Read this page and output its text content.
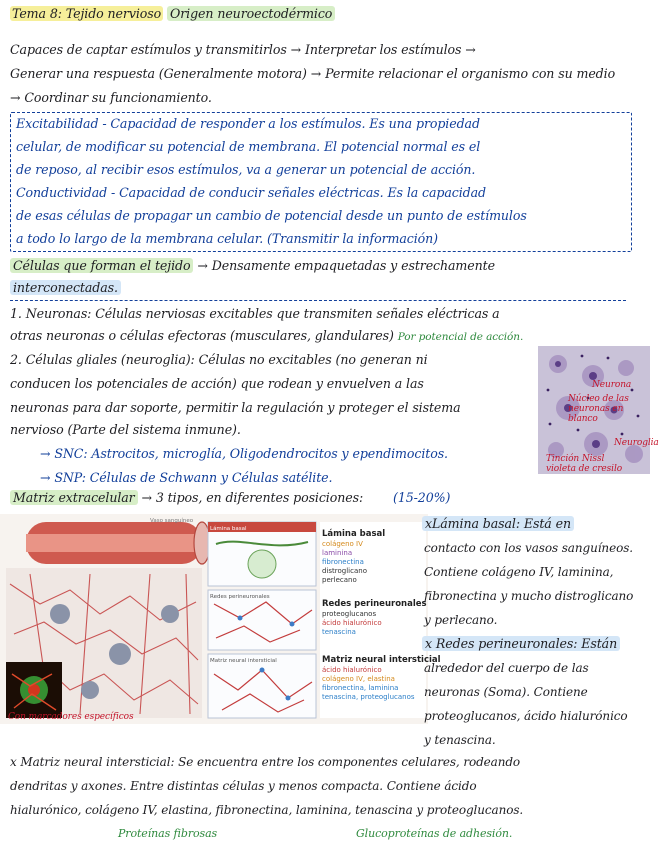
Tema 8: Tejido nervioso Origen neuroectodérmico
Capaces de captar estímulos y transmitirlos → Interpretar los estímulos →
Generar una respuesta (Generalmente motora) → Permite relacionar el organismo con su medio
→ Coordinar su funcionamiento.
Excitabilidad - Capacidad de responder a los estímulos. Es una propiedad
celular, de modificar su potencial de membrana. El potencial normal es el
de reposo, al recibir esos estímulos, va a generar un potencial de acción.
Conductividad - Capacidad de conducir señales eléctricas. Es la capacidad
de esas células de propagar un cambio de potencial desde un punto de estímulos
a todo lo largo de la membrana celular. (Transmitir la información)
Células que forman el tejido → Densamente empaquetadas y estrechamente
interconectadas.
1. Neuronas: Células nerviosas excitables que transmiten señales eléctricas a
otras neuronas o células efectoras (musculares, glandulares) Por potencial de acción.
2. Células gliales (neuroglia): Células no excitables (no generan ni
conducen los potenciales de acción) que rodean y envuelven a las
neuronas para dar soporte, permitir la regulación y proteger el sistema
nervioso (Parte del sistema inmune).
→ SNC: Astrocitos, microglía, Oligodendrocitos y ependimocitos.
→ SNP: Células de Schwann y Células satélite.
Neurona
Núcleo de las neuronas en blanco
Neuroglia
Tinción Nissl
violeta de cresilo
Matriz extracelular → 3 tipos, en diferentes posiciones: (15-20%)
Lámina basal
colágeno IV
laminina
fibronectina
distroglicano
perlecano
Redes perineuronales
proteoglucanos
ácido hialurónico
tenascina
Matriz neural intersticial
ácido hialurónico
colágeno IV, elastina
fibronectina, laminina
tenascina, proteoglucanos
Vaso sanguíneo
Lámina basal
Redes perineuronales
Matriz neural intersticial
Con marcadores específicos
xLámina basal: Está en
contacto con los vasos sanguíneos.
Contiene colágeno IV, laminina,
fibronectina y mucho distroglicano
y perlecano.
x Redes perineuronales: Están
alrededor del cuerpo de las
neuronas (Soma). Contiene
proteoglucanos, ácido hialurónico
y tenascina.
x Matriz neural intersticial: Se encuentra entre los componentes celulares, rodeando
dendritas y axones. Entre distintas células y menos compacta. Contiene ácido
hialurónico, colágeno IV, elastina, fibronectina, laminina, tenascina y proteoglucanos.
Proteínas fibrosas	Glucoproteínas de adhesión.
